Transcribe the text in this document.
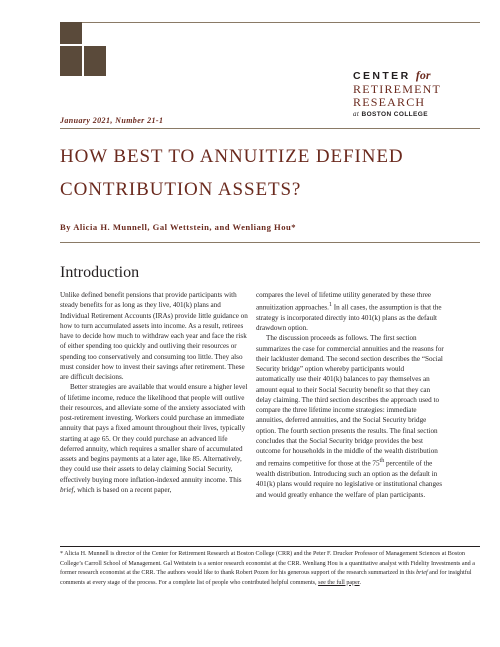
CENTER for
RETIREMENT
RESEARCH
at BOSTON COLLEGE
January 2021, Number 21-1
HOW BEST TO ANNUITIZE DEFINED
CONTRIBUTION ASSETS?
By Alicia H. Munnell, Gal Wettstein, and Wenliang Hou*
Introduction

Unlike defined benefit pensions that provide participants with steady benefits for as long as they live, 401(k) plans and Individual Retirement Accounts (IRAs) provide little guidance on how to turn accumulated assets into income. As a result, retirees have to decide how much to withdraw each year and face the risk of either spending too quickly and outliving their resources or spending too conservatively and consuming too little. They also must consider how to invest their savings after retirement. These are difficult decisions.

Better strategies are available that would ensure a higher level of lifetime income, reduce the likelihood that people will outlive their resources, and alleviate some of the anxiety associated with post-retirement investing. Workers could purchase an immediate annuity that pays a fixed amount throughout their lives, typically starting at age 65. Or they could purchase an advanced life deferred annuity, which requires a smaller share of accumulated assets and begins payments at a later age, like 85. Alternatively, they could use their assets to delay claiming Social Security, effectively buying more inflation-indexed annuity income. This brief, which is based on a recent paper,

compares the level of lifetime utility generated by these three annuitization approaches.$^1$ In all cases, the assumption is that the strategy is incorporated directly into 401(k) plans as the default drawdown option.

The discussion proceeds as follows. The first section summarizes the case for commercial annuities and the reasons for their lackluster demand. The second section describes the “Social Security bridge” option whereby participants would automatically use their 401(k) balances to pay themselves an amount equal to their Social Security benefit so that they can delay claiming. The third section describes the approach used to compare the three lifetime income strategies: immediate annuities, deferred annuities, and the Social Security bridge option. The fourth section presents the results. The final section concludes that the Social Security bridge provides the best outcome for households in the middle of the wealth distribution and remains competitive for those at the 75th percentile of the wealth distribution. Introducing such an option as the default in 401(k) plans would require no legislative or institutional changes and would greatly enhance the welfare of plan participants.

* Alicia H. Munnell is director of the Center for Retirement Research at Boston College (CRR) and the Peter F. Drucker Professor of Management Sciences at Boston College’s Carroll School of Management. Gal Wettstein is a senior research economist at the CRR. Wenliang Hou is a quantitative analyst with Fidelity Investments and a former research economist at the CRR. The authors would like to thank Robert Pozen for his generous support of the research summarized in this brief and for insightful comments at every stage of the process. For a complete list of people who contributed helpful comments, see the full paper.
